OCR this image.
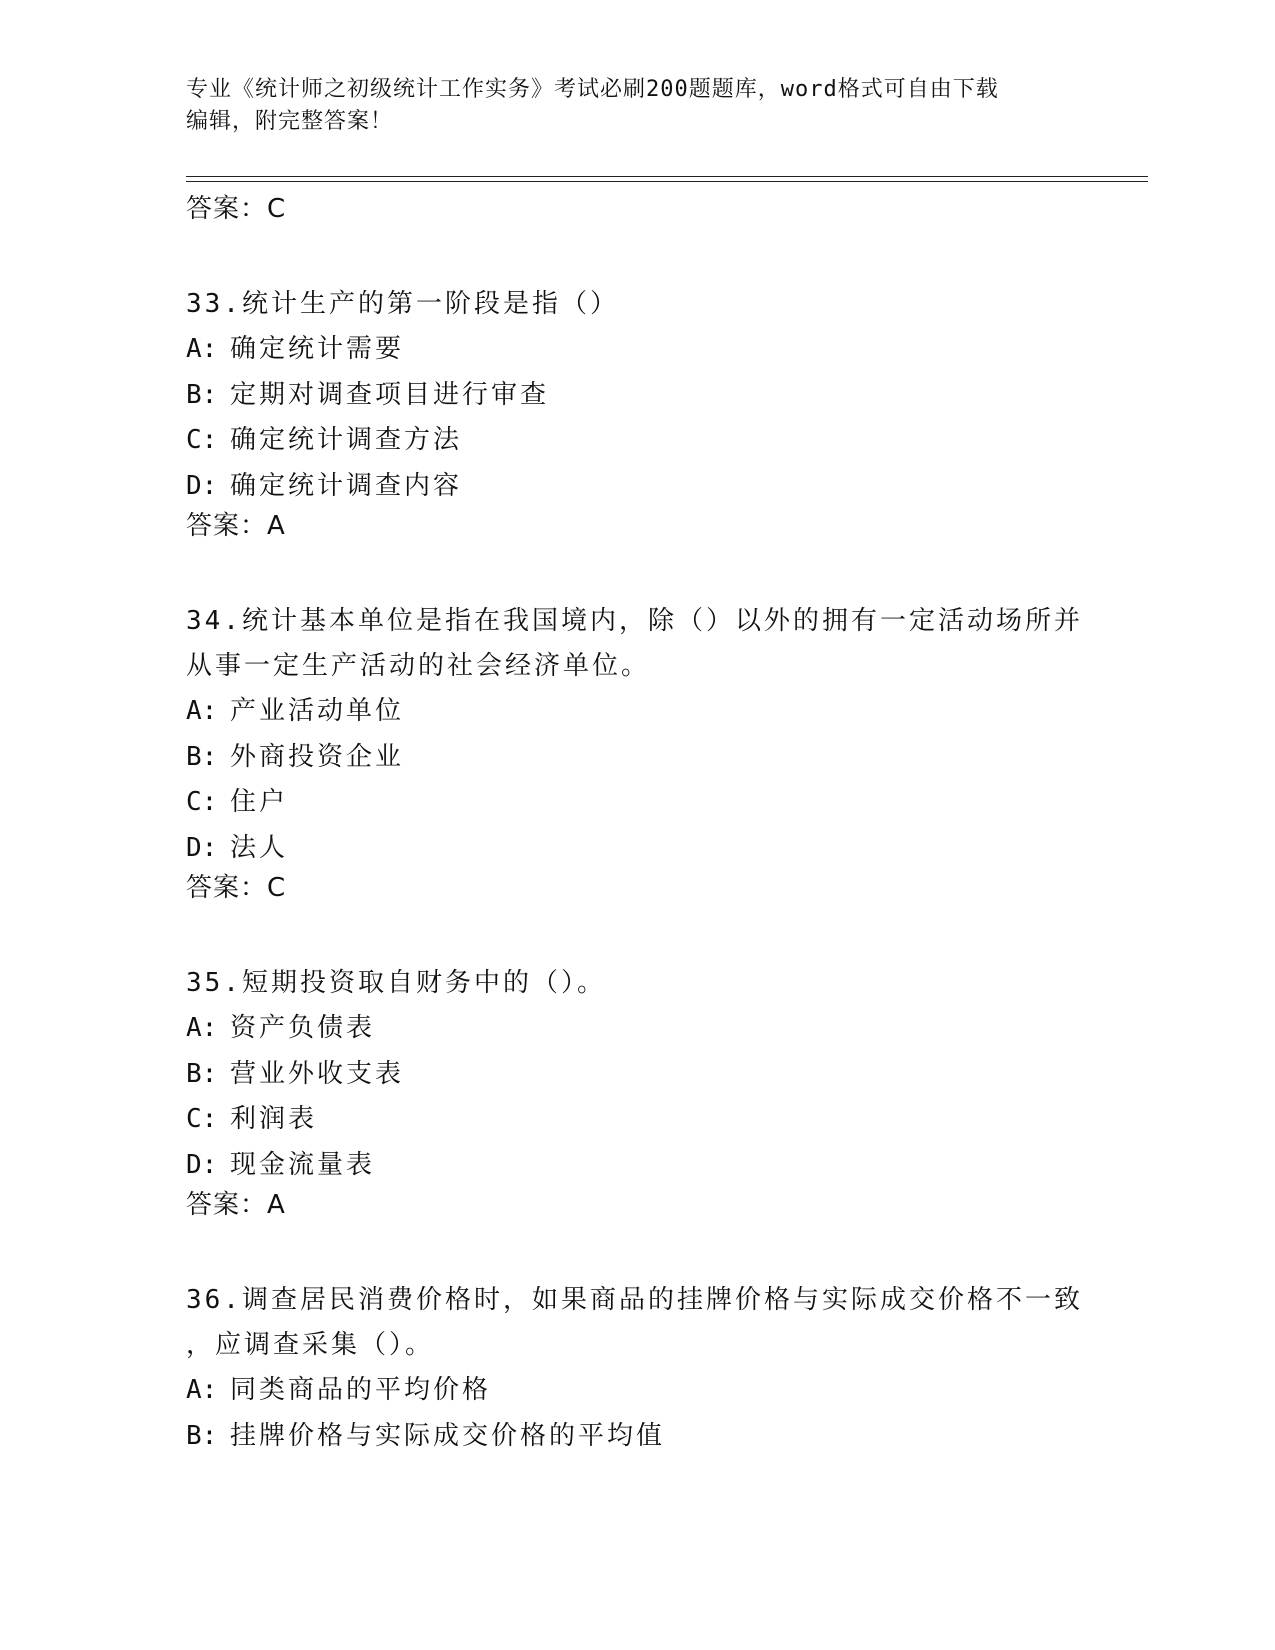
专业《统计师之初级统计工作实务》考试必刷200题题库，word格式可自由下载
编辑，附完整答案！

答案：C

33.统计生产的第一阶段是指（）

A: 确定统计需要

B: 定期对调查项目进行审查

C: 确定统计调查方法

D: 确定统计调查内容

答案：A

34.统计基本单位是指在我国境内，除（）以外的拥有一定活动场所并

从事一定生产活动的社会经济单位。

A: 产业活动单位

B: 外商投资企业

C: 住户

D: 法人

答案：C

35.短期投资取自财务中的（）。

A: 资产负债表

B: 营业外收支表

C: 利润表

D: 现金流量表

答案：A

36.调查居民消费价格时，如果商品的挂牌价格与实际成交价格不一致

，应调查采集（）。

A: 同类商品的平均价格

B: 挂牌价格与实际成交价格的平均值
